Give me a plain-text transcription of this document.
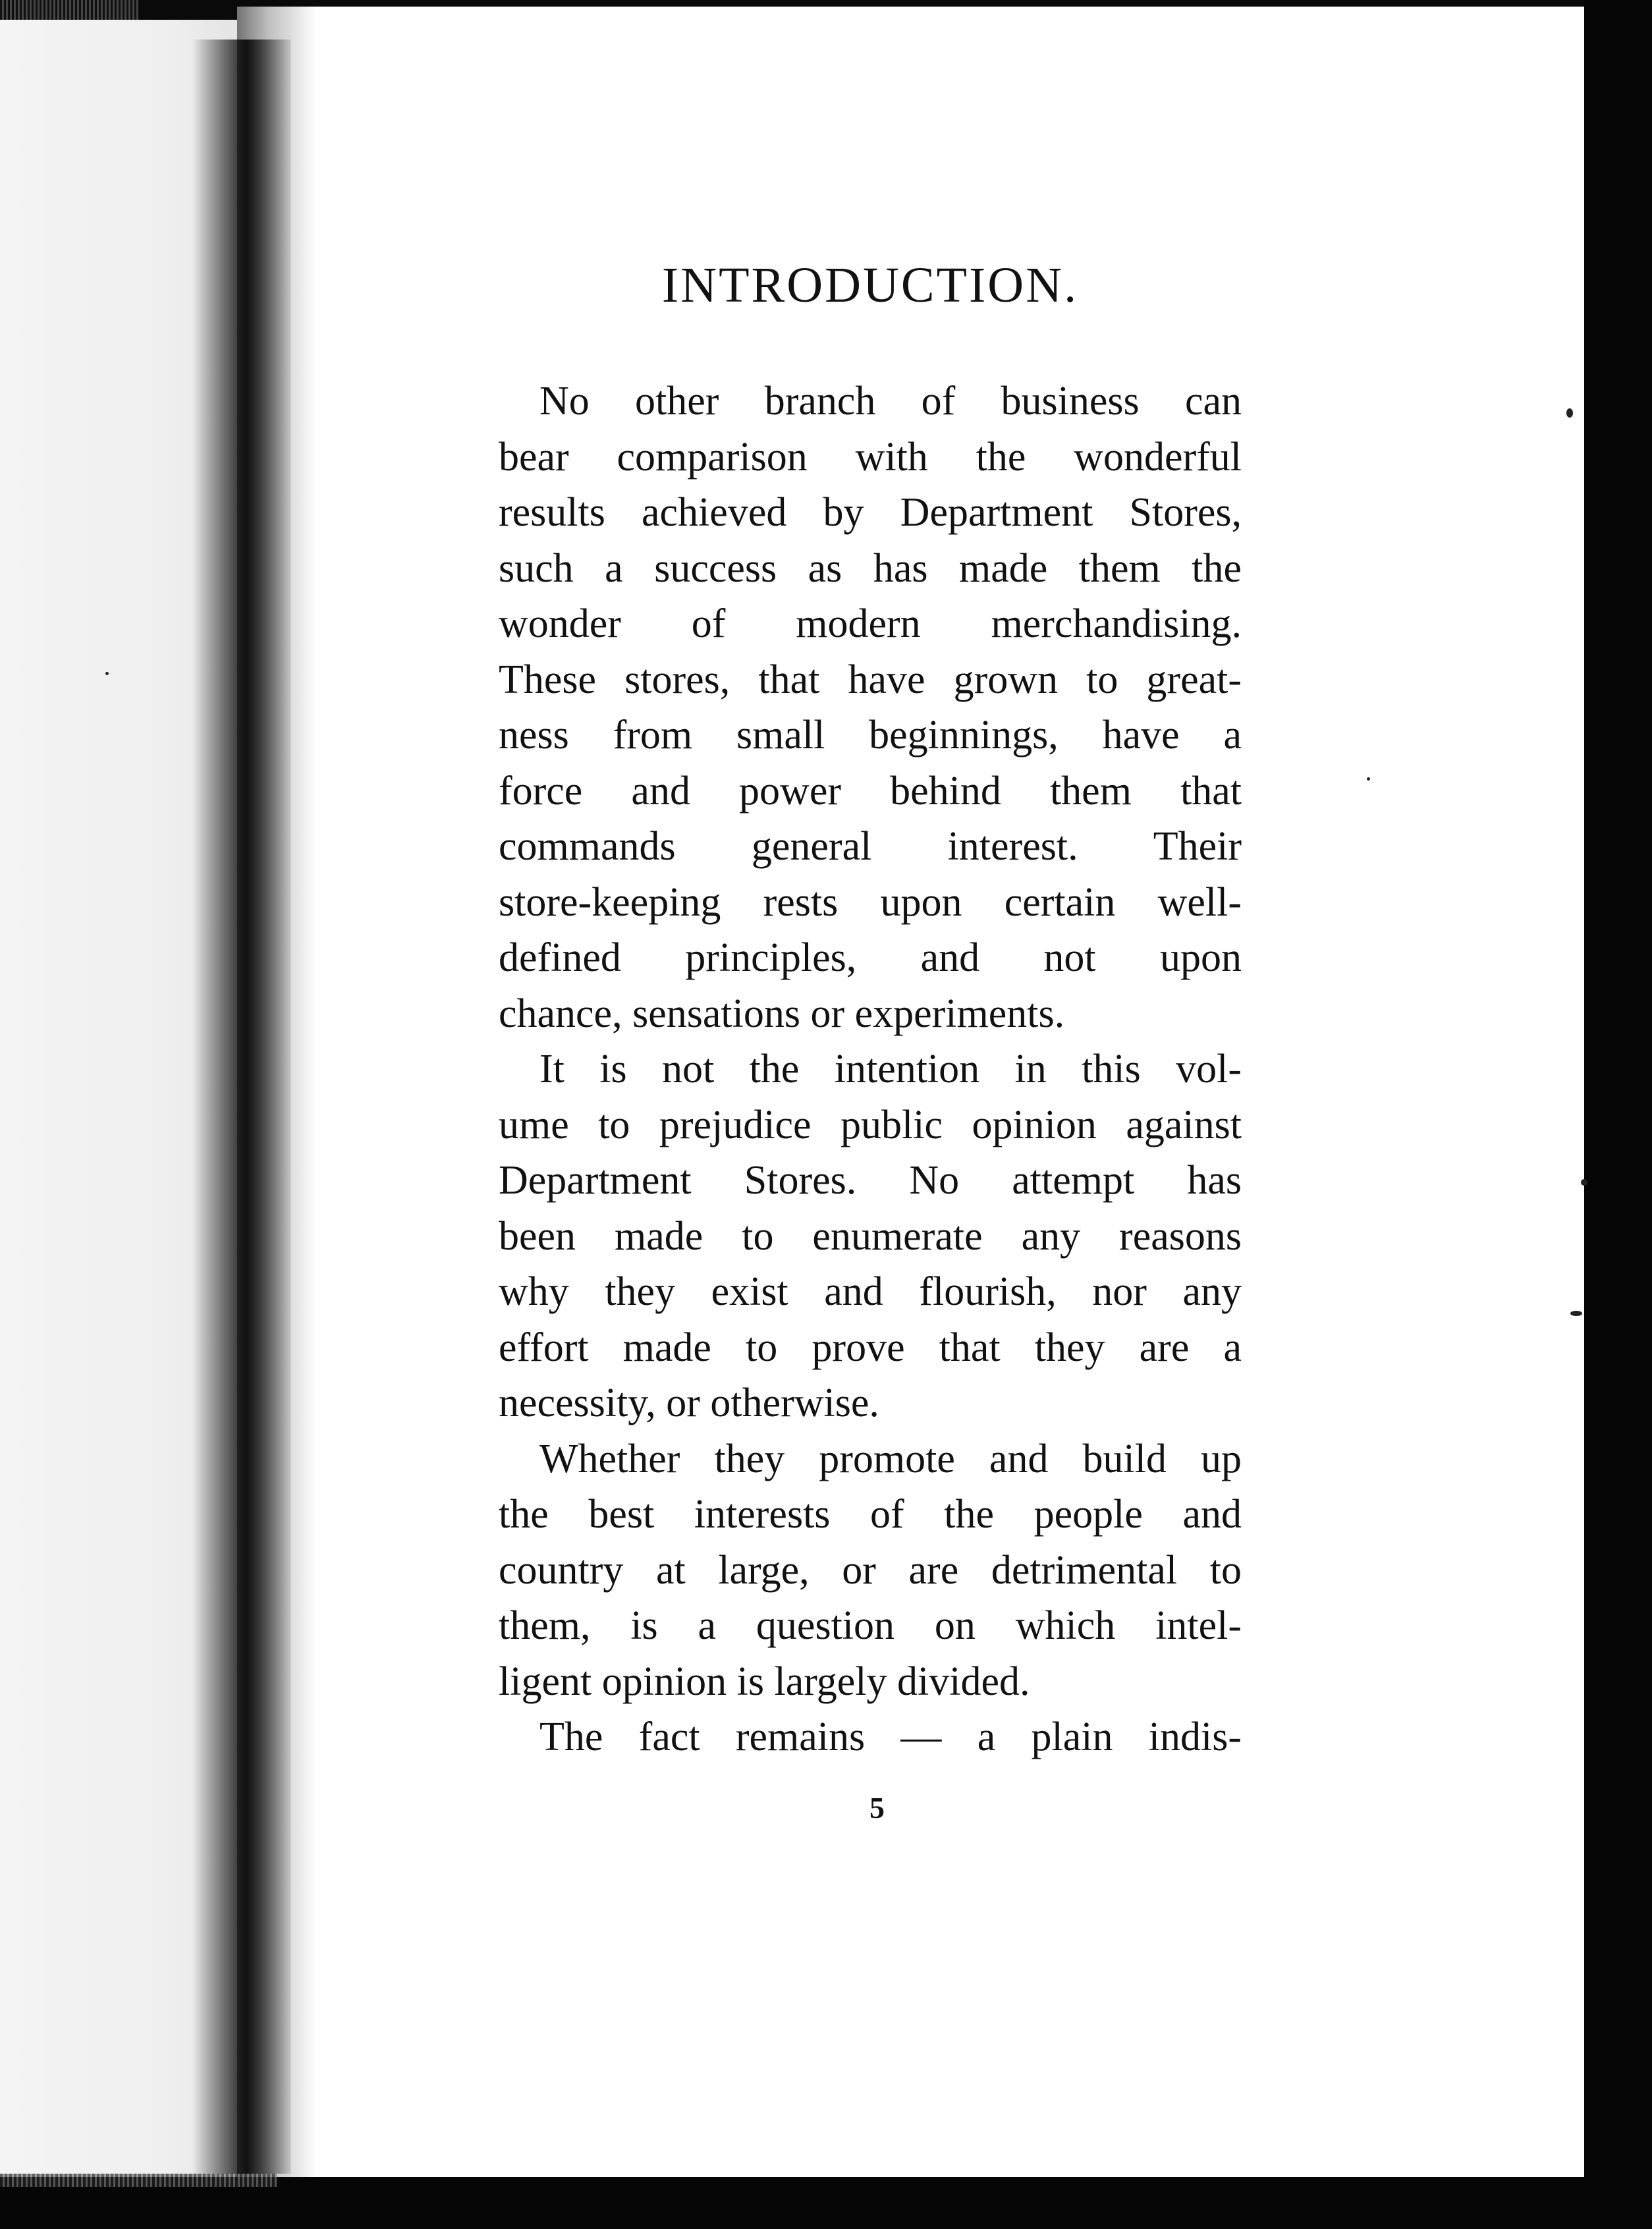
INTRODUCTION.

No other branch of business can
bear comparison with the wonderful
results achieved by Department Stores,
such a success as has made them the
wonder of modern merchandising.
These stores, that have grown to great-
ness from small beginnings, have a
force and power behind them that
commands general interest. Their
store-keeping rests upon certain well-
defined principles, and not upon
chance, sensations or experiments.

It is not the intention in this vol-
ume to prejudice public opinion against
Department Stores. No attempt has
been made to enumerate any reasons
why they exist and flourish, nor any
effort made to prove that they are a
necessity, or otherwise.

Whether they promote and build up
the best interests of the people and
country at large, or are detrimental to
them, is a question on which intel-
ligent opinion is largely divided.

The fact remains — a plain indis-

5
